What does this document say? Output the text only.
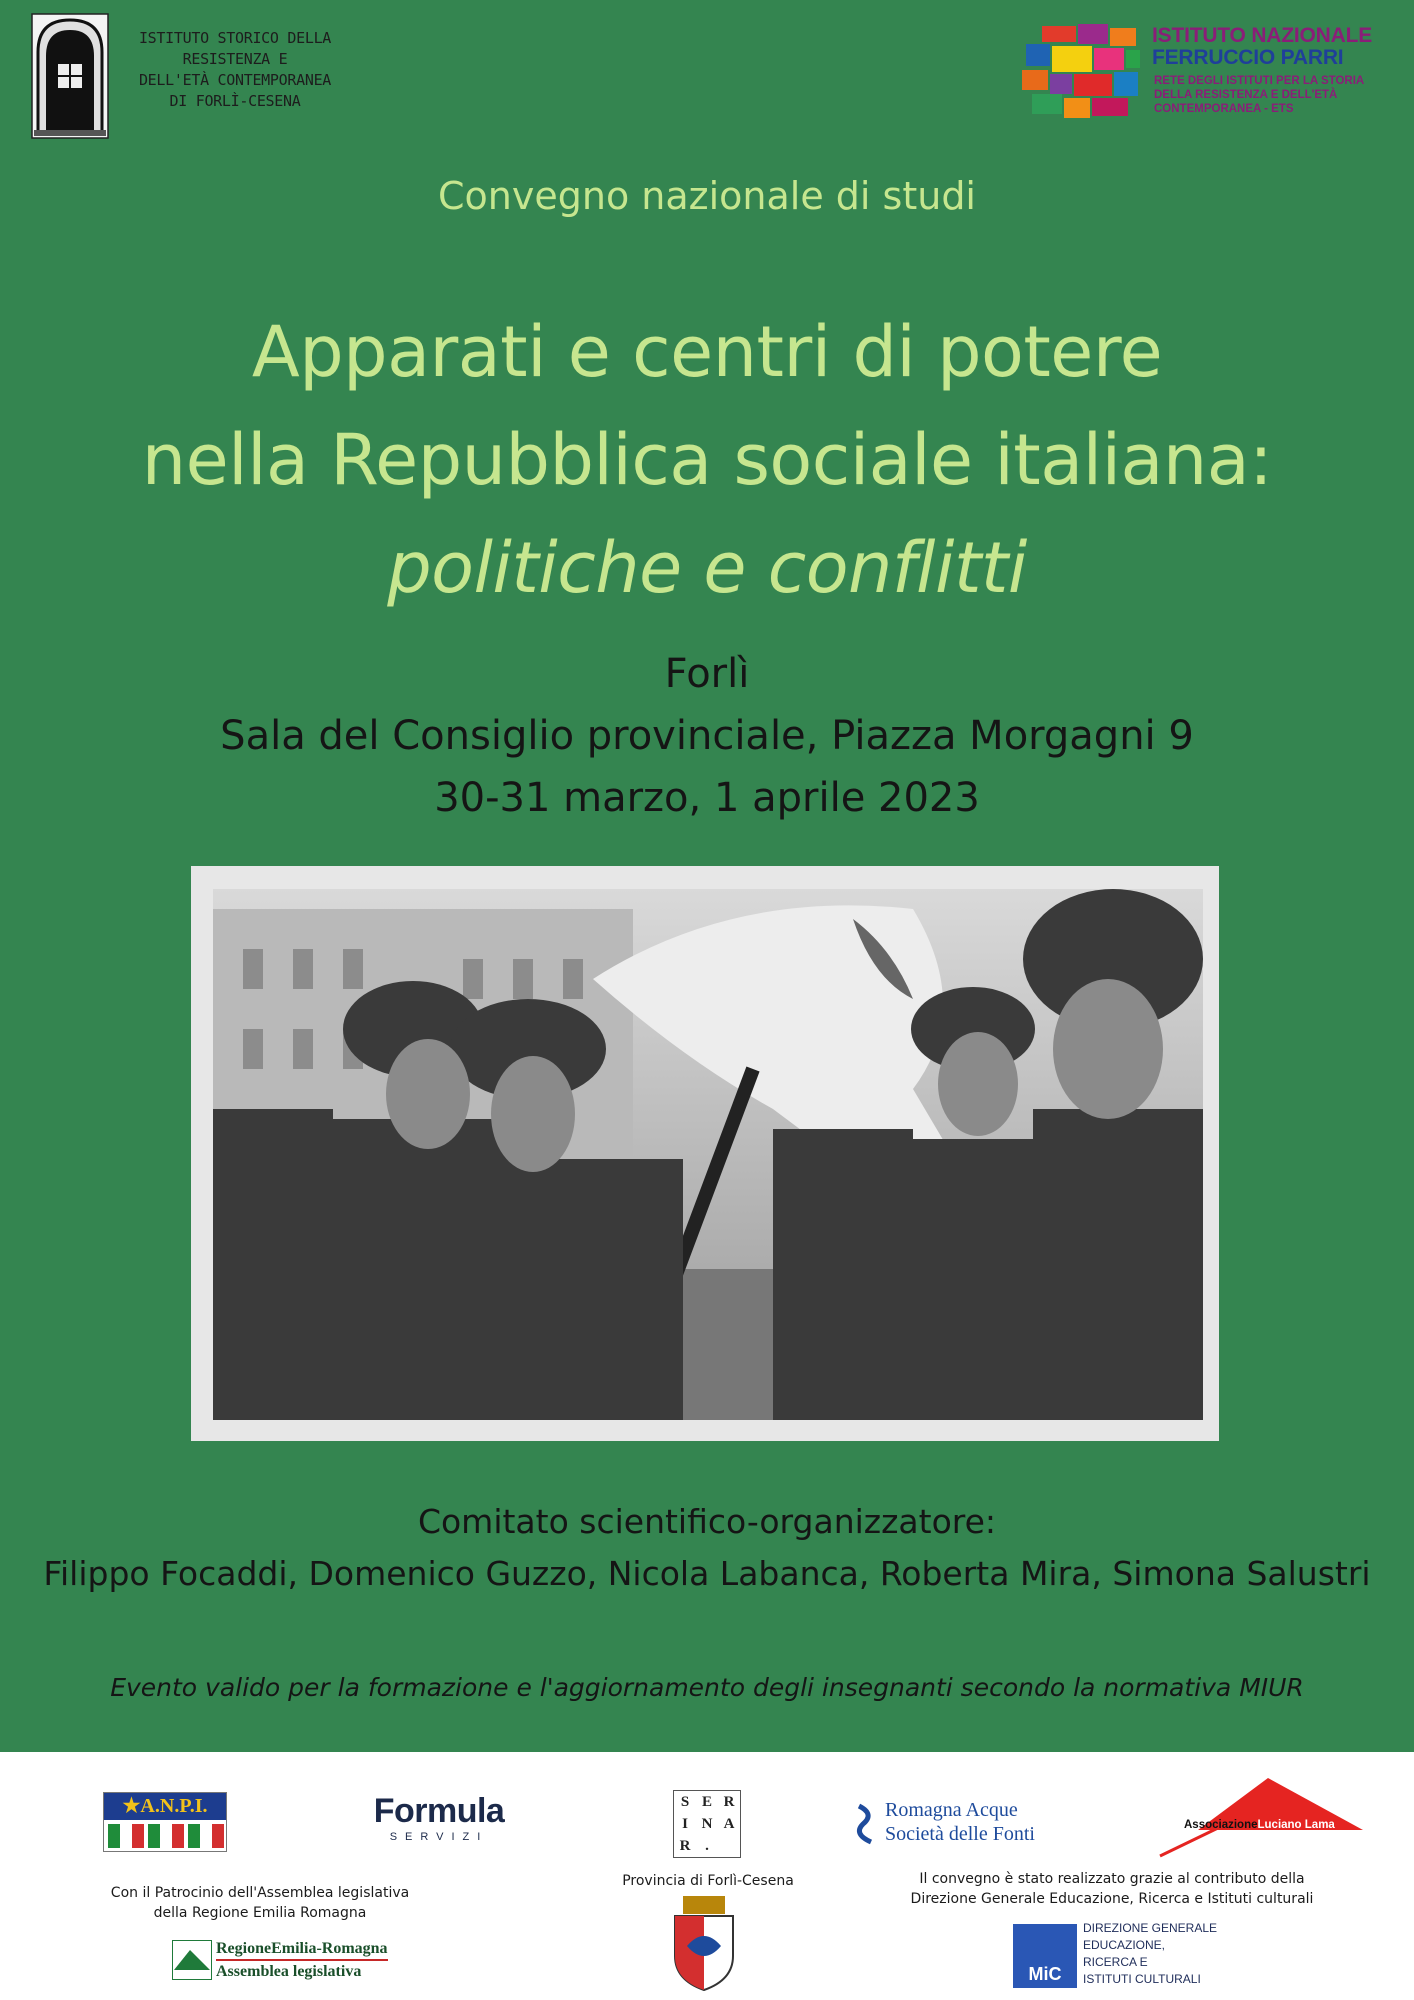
ISTITUTO STORICO DELLA
RESISTENZA E
DELL'ETÀ CONTEMPORANEA
DI FORLÌ-CESENA
ISTITUTO NAZIONALE
FERRUCCIO PARRI
RETE DEGLI ISTITUTI PER LA STORIA
DELLA RESISTENZA E DELL'ETÀ
CONTEMPORANEA - ETS
Convegno nazionale di studi
Apparati e centri di potere
nella Repubblica sociale italiana:
politiche e conflitti
Forlì
Sala del Consiglio provinciale, Piazza Morgagni 9
30-31 marzo, 1 aprile 2023
Comitato scientifico-organizzatore:
Filippo Focaddi, Domenico Guzzo, Nicola Labanca, Roberta Mira, Simona Salustri
Evento valido per la formazione e l'aggiornamento degli insegnanti secondo la normativa MIUR
★A.N.P.I.	Formula
SERVIZI
S E R
I N A
R .
Romagna Acque
Società delle Fonti	AssociazioneLuciano Lama
Con il Patrocinio dell'Assemblea legislativa
della Regione Emilia Romagna
RegioneEmilia-Romagna
Assemblea legislativa
Provincia di Forlì-Cesena	Il convegno è stato realizzato grazie al contributo della
Direzione Generale Educazione, Ricerca e Istituti culturali
MiC
DIREZIONE GENERALE
EDUCAZIONE,
RICERCA E
ISTITUTI CULTURALI
